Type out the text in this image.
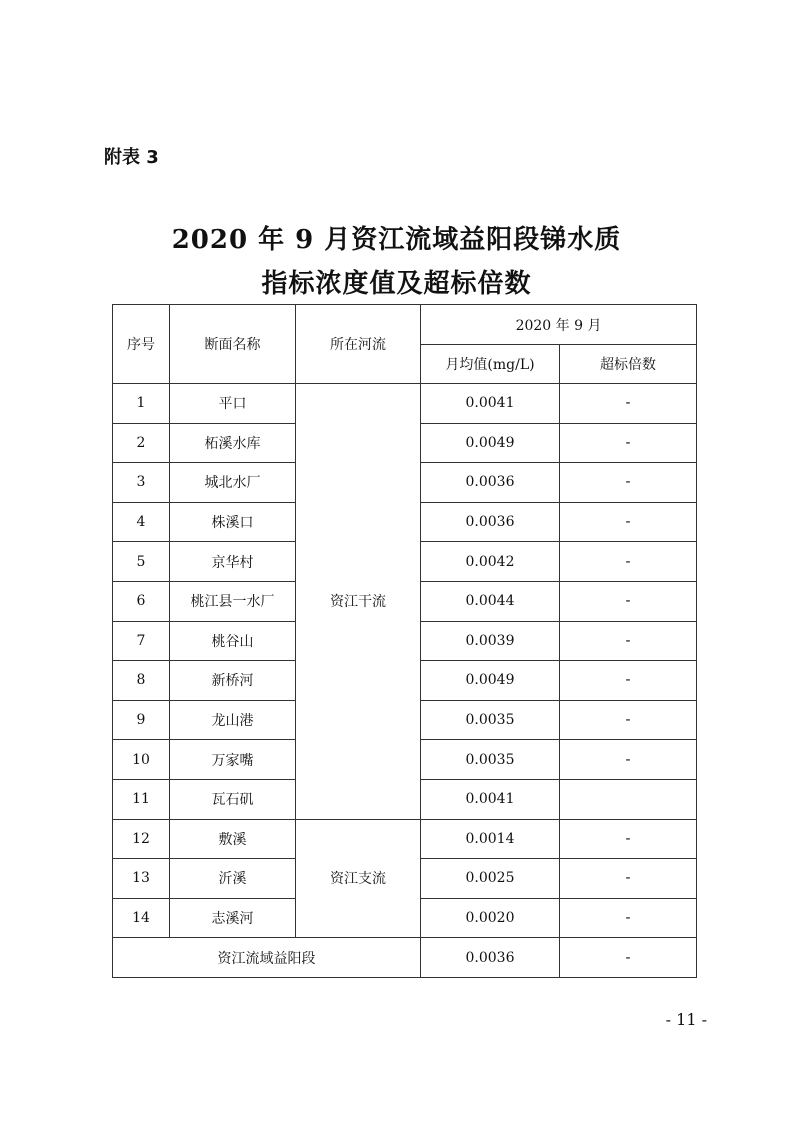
附表 3
2020 年 9 月资江流域益阳段锑水质
指标浓度值及超标倍数
序号	断面名称	所在河流	2020 年 9 月	
			月均值(mg/L)	超标倍数
1	平口	资江干流	0.0041	-
2	柘溪水库		0.0049	-
3	城北水厂		0.0036	-
4	株溪口		0.0036	-
5	京华村		0.0042	-
6	桃江县一水厂		0.0044	-
7	桃谷山		0.0039	-
8	新桥河		0.0049	-
9	龙山港		0.0035	-
10	万家嘴		0.0035	-
11	瓦石矶		0.0041	
12	敷溪	资江支流	0.0014	-
13	沂溪		0.0025	-
14	志溪河		0.0020	-
资江流域益阳段			0.0036	-
- 11 -
